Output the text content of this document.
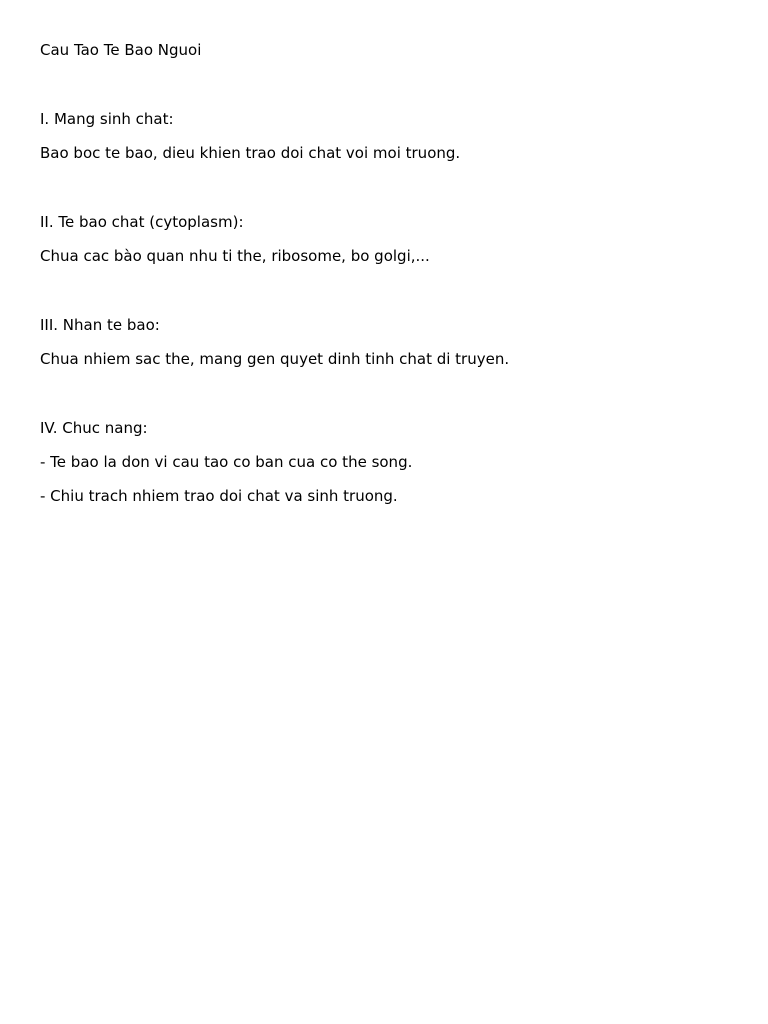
Cau Tao Te Bao Nguoi

I. Mang sinh chat:

Bao boc te bao, dieu khien trao doi chat voi moi truong.

II. Te bao chat (cytoplasm):

Chua cac bào quan nhu ti the, ribosome, bo golgi,...

III. Nhan te bao:

Chua nhiem sac the, mang gen quyet dinh tinh chat di truyen.

IV. Chuc nang:

- Te bao la don vi cau tao co ban cua co the song.

- Chiu trach nhiem trao doi chat va sinh truong.
